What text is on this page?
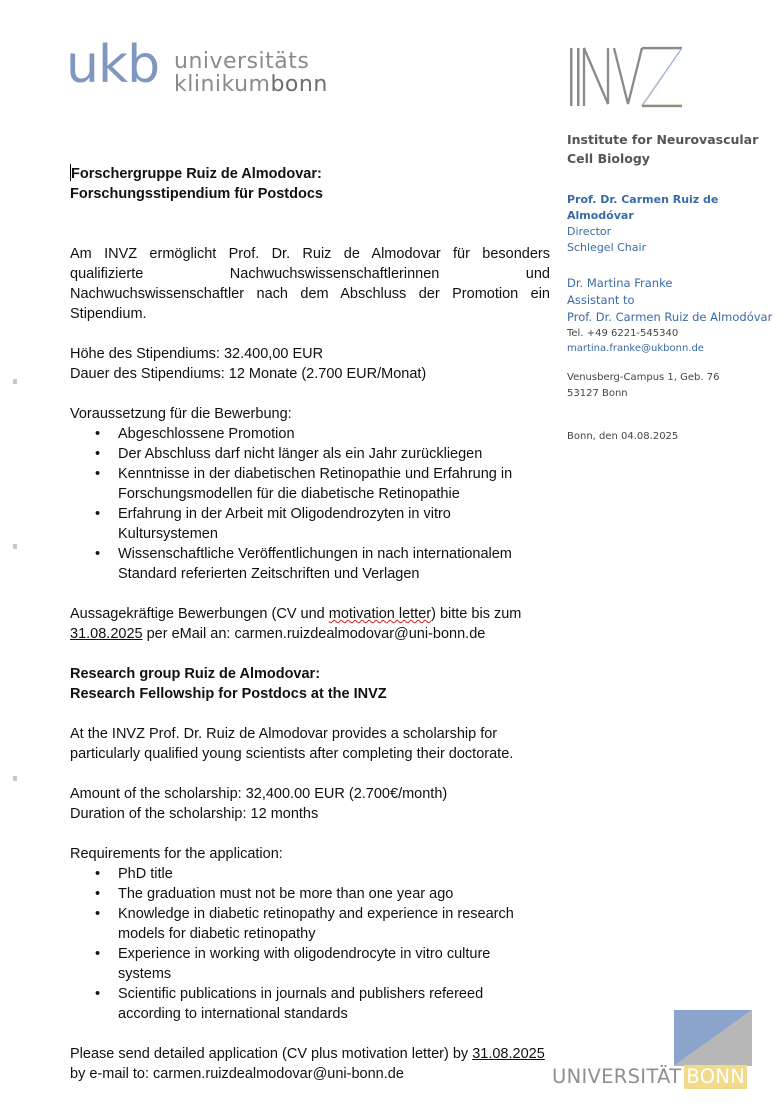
ukb universitäts
klinikumbonn

Institute for Neurovascular

Cell Biology

Prof. Dr. Carmen Ruiz de Almodóvar
Director
Schlegel Chair
Dr. Martina Franke
Assistant to
Prof. Dr. Carmen Ruiz de Almodóvar
Tel. +49 6221-545340
martina.franke@ukbonn.de
Venusberg-Campus 1, Geb. 76
53127 Bonn
Bonn, den 04.08.2025

Forschergruppe Ruiz de Almodovar:

Forschungsstipendium für Postdocs

Am INVZ ermöglicht Prof. Dr. Ruiz de Almodovar für besonders qualifizierte Nachwuchswissenschaftlerinnen und Nachwuchswissenschaftler nach dem Abschluss der Promotion ein Stipendium.

Höhe des Stipendiums: 32.400,00 EUR

Dauer des Stipendiums: 12 Monate (2.700 EUR/Monat)

Voraussetzung für die Bewerbung:

• Abgeschlossene Promotion
• Der Abschluss darf nicht länger als ein Jahr zurückliegen
• Kenntnisse in der diabetischen Retinopathie und Erfahrung in Forschungsmodellen für die diabetische Retinopathie
• Erfahrung in der Arbeit mit Oligodendrozyten in vitro Kultursystemen
• Wissenschaftliche Veröffentlichungen in nach internationalem Standard referierten Zeitschriften und Verlagen

Aussagekräftige Bewerbungen (CV und motivation letter) bitte bis zum
31.08.2025 per eMail an: carmen.ruizdealmodovar@uni-bonn.de

Research group Ruiz de Almodovar:

Research Fellowship for Postdocs at the INVZ

At the INVZ Prof. Dr. Ruiz de Almodovar provides a scholarship for particularly qualified young scientists after completing their doctorate.

Amount of the scholarship: 32,400.00 EUR (2.700€/month)

Duration of the scholarship: 12 months

Requirements for the application:

• PhD title
• The graduation must not be more than one year ago
• Knowledge in diabetic retinopathy and experience in research models for diabetic retinopathy
• Experience in working with oligodendrocyte in vitro culture systems
• Scientific publications in journals and publishers refereed according to international standards

Please send detailed application (CV plus motivation letter) by 31.08.2025
by e-mail to: carmen.ruizdealmodovar@uni-bonn.de	UNIVERSITÄT BONN
